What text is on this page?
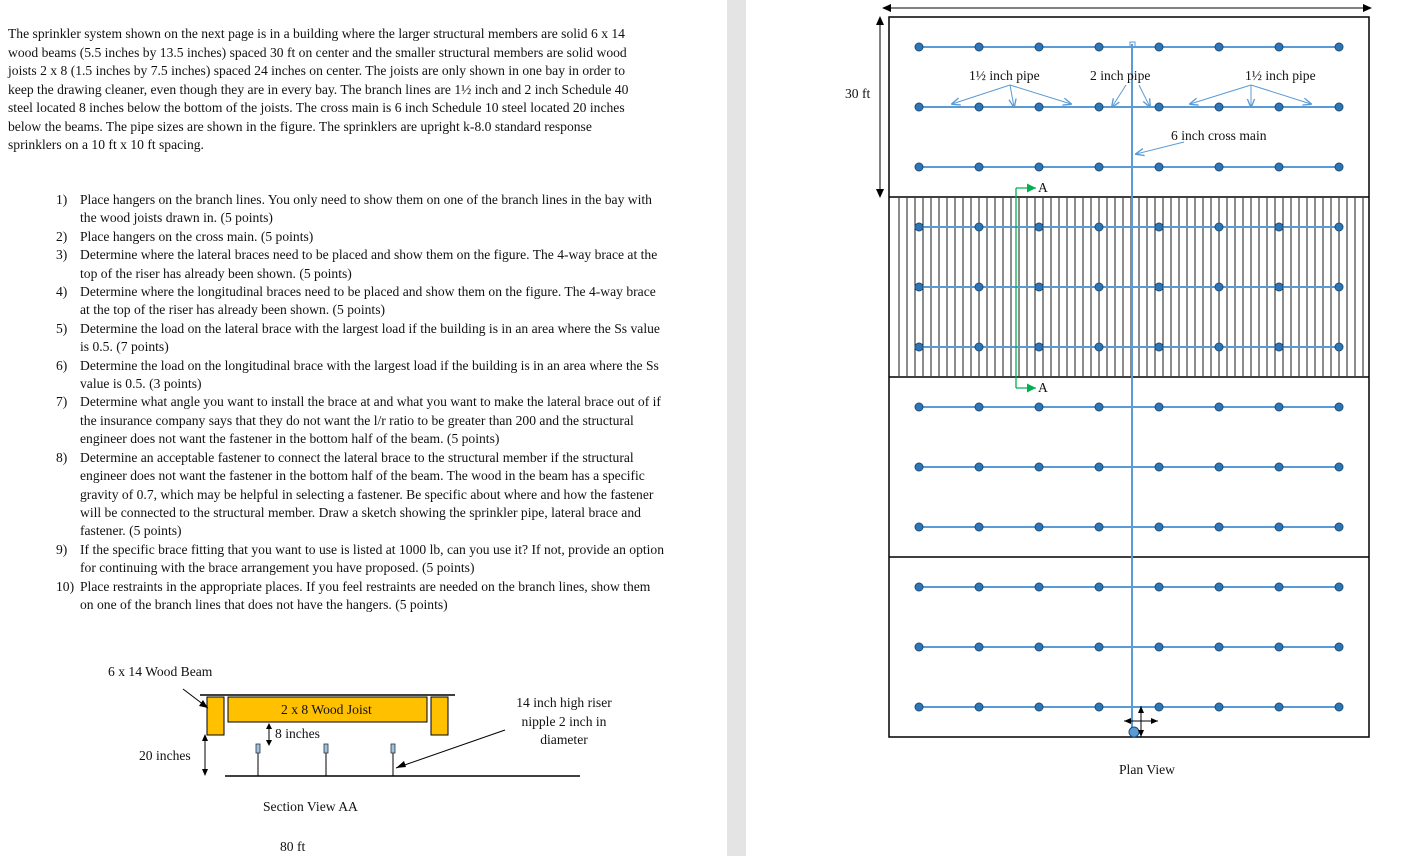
The sprinkler system shown on the next page is in a building where the larger structural members are solid 6 x 14 wood beams (5.5 inches by 13.5 inches) spaced 30 ft on center and the smaller structural members are solid wood joists 2 x 8 (1.5 inches by 7.5 inches) spaced 24 inches on center. The joists are only shown in one bay in order to keep the drawing cleaner, even though they are in every bay. The branch lines are 1½ inch and 2 inch Schedule 40 steel located 8 inches below the bottom of the joists. The cross main is 6 inch Schedule 10 steel located 20 inches below the beams. The pipe sizes are shown in the figure. The sprinklers are upright k-8.0 standard response sprinklers on a 10 ft x 10 ft spacing.

1) Place hangers on the branch lines. You only need to show them on one of the branch lines in the bay with the wood joists drawn in. (5 points)
2) Place hangers on the cross main. (5 points)
3) Determine where the lateral braces need to be placed and show them on the figure. The 4-way brace at the top of the riser has already been shown. (5 points)
4) Determine where the longitudinal braces need to be placed and show them on the figure. The 4-way brace at the top of the riser has already been shown. (5 points)
5) Determine the load on the lateral brace with the largest load if the building is in an area where the Ss value is 0.5. (7 points)
6) Determine the load on the longitudinal brace with the largest load if the building is in an area where the Ss value is 0.5. (3 points)
7) Determine what angle you want to install the brace at and what you want to make the lateral brace out of if the insurance company says that they do not want the l/r ratio to be greater than 200 and the structural engineer does not want the fastener in the bottom half of the beam. (5 points)
8) Determine an acceptable fastener to connect the lateral brace to the structural member if the structural engineer does not want the fastener in the bottom half of the beam. The wood in the beam has a specific gravity of 0.7, which may be helpful in selecting a fastener. Be specific about where and how the fastener will be connected to the structural member. Draw a sketch showing the sprinkler pipe, lateral brace and fastener. (5 points)
9) If the specific brace fitting that you want to use is listed at 1000 lb, can you use it? If not, provide an option for continuing with the brace arrangement you have proposed. (5 points)
10) Place restraints in the appropriate places. If you feel restraints are needed on the branch lines, show them on one of the branch lines that does not have the hangers. (5 points)
6 x 14 Wood Beam
2 x 8 Wood Joist
8 inches
20 inches
14 inch high riser nipple 2 inch in diameter
Section View AA
80 ft
30 ft
1½ inch pipe	2 inch pipe	1½ inch pipe
6 inch cross main
A
A
Plan View
